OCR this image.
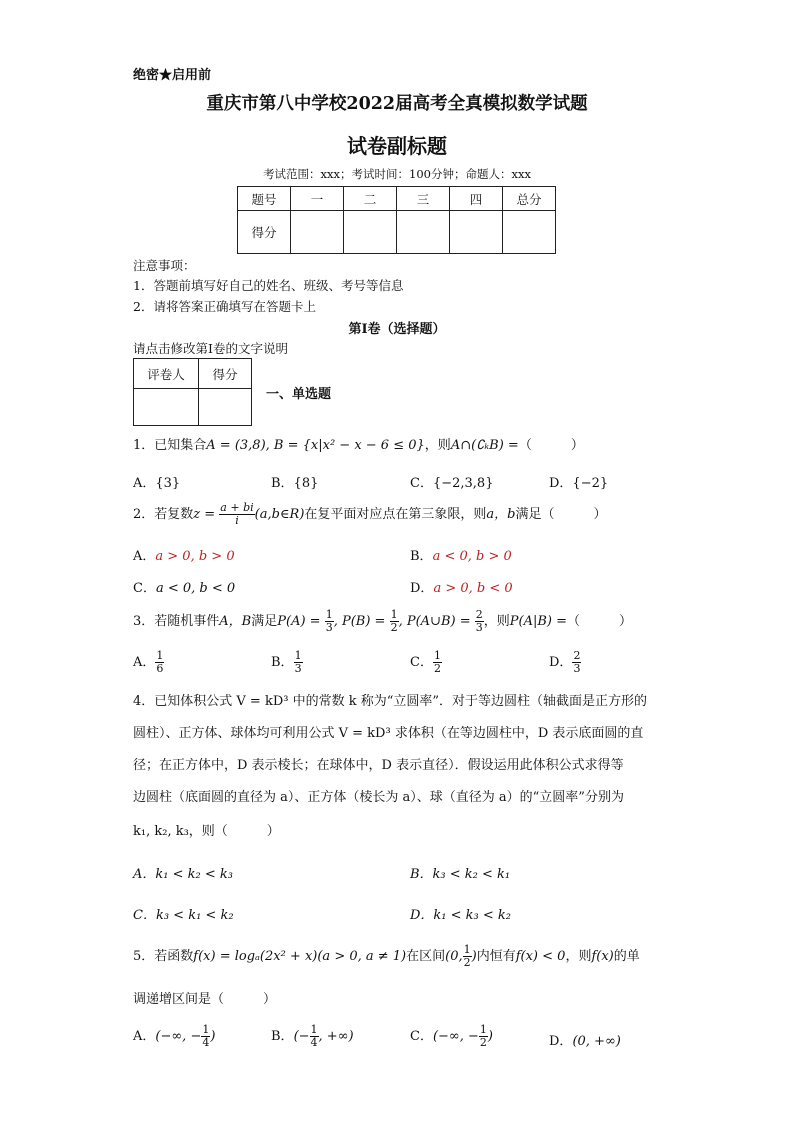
绝密★启用前
重庆市第八中学校2022届高考全真模拟数学试题
试卷副标题
考试范围：xxx；考试时间：100分钟；命题人：xxx
题号	一	二	三	四	总分
得分					
注意事项：
1．答题前填写好自己的姓名、班级、考号等信息
2．请将答案正确填写在答题卡上
第I卷（选择题）
请点击修改第I卷的文字说明
评卷人	得分

一、单选题
1．已知集合A = (3,8), B = {x|x² − x − 6 ≤ 0}，则A∩(∁ₖB) =（　　　）
A．{3}	B．{8}	C．{−2,3,8}	D．{−2}
2．若复数$z = \frac{a + bi}{i}$ (a,b∈R)在复平面对应点在第三象限，则a，b满足（　　　）
A．a > 0, b > 0	B．a < 0, b > 0
C．a < 0, b < 0	D．a > 0, b < 0
3．若随机事件A，B满足$P(A) = \frac{1}{3}$ , $P(B) = \frac{1}{2}$ , P(A∪B) = $\frac{2}{3}$ ，则P(A|B) =（　　　）
A． $\frac{1}{6}$	B． $\frac{1}{3}$	C． $\frac{1}{2}$	D． $\frac{2}{3}$
4．已知体积公式 V = kD³ 中的常数 k 称为“立圆率”．对于等边圆柱（轴截面是正方形的
圆柱）、正方体、球体均可利用公式 V = kD³ 求体积（在等边圆柱中，D 表示底面圆的直
径；在正方体中，D 表示棱长；在球体中，D 表示直径）．假设运用此体积公式求得等
边圆柱（底面圆的直径为 a）、正方体（棱长为 a）、球（直径为 a）的“立圆率”分别为
k₁, k₂, k₃，则（　　　）
A．k₁ < k₂ < k₃	B．k₃ < k₂ < k₁
C．k₃ < k₁ < k₂	D．k₁ < k₃ < k₂
5．若函数f(x) = logₐ(2x² + x)(a > 0, a ≠ 1)在区间(0, $\frac{1}{2}$ )内恒有f(x) < 0，则f(x)的单
调递增区间是（　　　）
A．(−∞, − $\frac{1}{4}$ )	B．(− $\frac{1}{4}$ , +∞)	C．(−∞, − $\frac{1}{2}$ )	D．(0, +∞)
